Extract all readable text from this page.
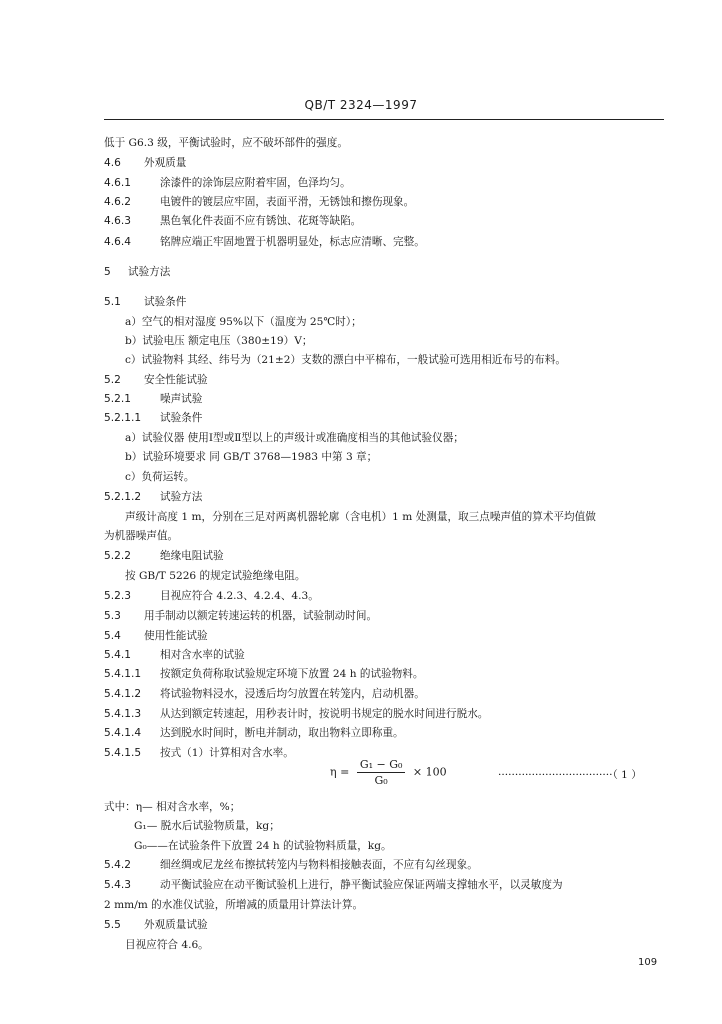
QB/T 2324—1997
低于 G6.3 级，平衡试验时，应不破坏部件的强度。
4.6 外观质量
4.6.1	涂漆件的涂饰层应附着牢固，色泽均匀。
4.6.2	电镀件的镀层应牢固，表面平滑，无锈蚀和擦伤现象。
4.6.3	黑色氧化件表面不应有锈蚀、花斑等缺陷。
4.6.4	铭牌应端正牢固地置于机器明显处，标志应清晰、完整。
5 试验方法
5.1 试验条件
a）空气的相对湿度 95%以下（温度为 25℃时）；
b）试验电压 额定电压（380±19）V；
c）试验物料 其经、纬号为（21±2）支数的漂白中平棉布，一般试验可选用相近布号的布料。
5.2 安全性能试验
5.2.1	噪声试验
5.2.1.1 试验条件
a）试验仪器 使用Ⅰ型或Ⅱ型以上的声级计或准确度相当的其他试验仪器；
b）试验环境要求 同 GB/T 3768—1983 中第 3 章；
c）负荷运转。
5.2.1.2 试验方法
声级计高度 1 m，分别在三足对两离机器轮廓（含电机）1 m 处测量，取三点噪声值的算术平均值做
为机器噪声值。
5.2.2	绝缘电阻试验
按 GB/T 5226 的规定试验绝缘电阻。
5.2.3	目视应符合 4.2.3、4.2.4、4.3。
5.3 用手制动以额定转速运转的机器，试验制动时间。
5.4 使用性能试验
5.4.1	相对含水率的试验
5.4.1.1 按额定负荷称取试验规定环境下放置 24 h 的试验物料。
5.4.1.2 将试验物料浸水，浸透后均匀放置在转笼内，启动机器。
5.4.1.3 从达到额定转速起，用秒表计时，按说明书规定的脱水时间进行脱水。
5.4.1.4 达到脱水时间时，断电并制动，取出物料立即称重。
5.4.1.5 按式（1）计算相对含水率。
式中：η— 相对含水率，%；
G₁— 脱水后试验物质量，kg；
G₀——在试验条件下放置 24 h 的试验物料质量，kg。
5.4.2	细丝绸或尼龙丝布擦拭转笼内与物料相接触表面，不应有勾丝现象。
5.4.3	动平衡试验应在动平衡试验机上进行，静平衡试验应保证两端支撑轴水平，以灵敏度为
2 mm/m 的水准仪试验，所增减的质量用计算法计算。
5.5 外观质量试验
目视应符合 4.6。
$\eta = \frac{\text{G₁ − G₀}}{\text{G₀}} \times 100$	··································（ 1 ）
109
